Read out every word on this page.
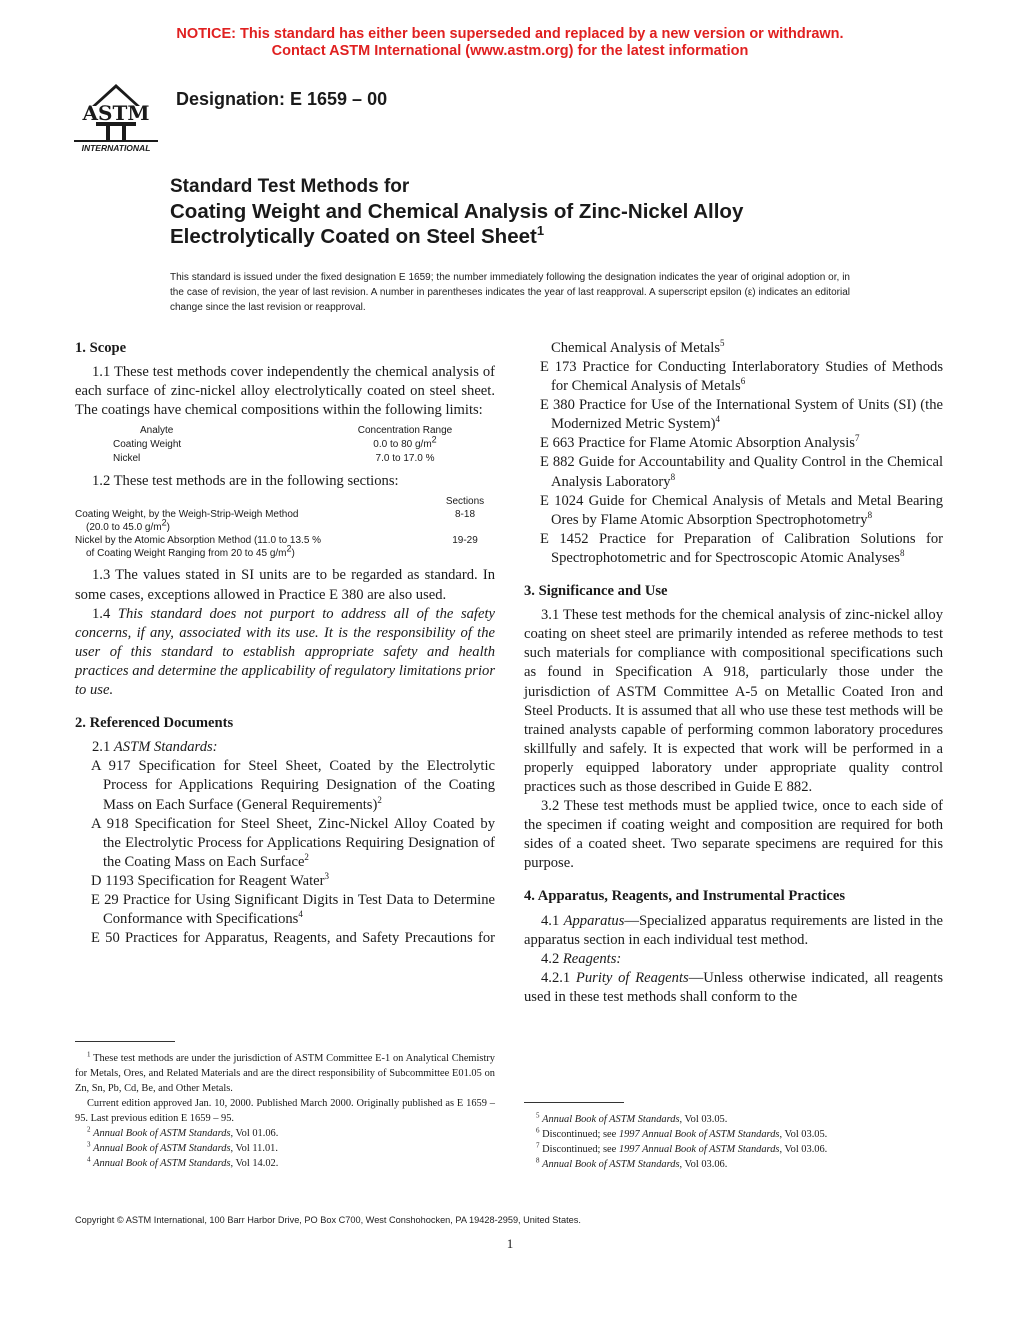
NOTICE: This standard has either been superseded and replaced by a new version or withdrawn.
Contact ASTM International (www.astm.org) for the latest information
ASTM
INTERNATIONAL
Designation: E 1659 – 00
Standard Test Methods for
Coating Weight and Chemical Analysis of Zinc-Nickel Alloy
Electrolytically Coated on Steel Sheet$^1$
This standard is issued under the fixed designation E 1659; the number immediately following the designation indicates the year of original adoption or, in the case of revision, the year of last revision. A number in parentheses indicates the year of last reapproval. A superscript epsilon (ε) indicates an editorial change since the last revision or reapproval.
1. Scope

1.1 These test methods cover independently the chemical analysis of each surface of zinc-nickel alloy electrolytically coated on steel sheet. The coatings have chemical compositions within the following limits:

Analyte	Concentration Range
Coating Weight	0.0 to 80 $g/m^2$
Nickel	7.0 to 17.0 %

1.2 These test methods are in the following sections:

Sections
Coating Weight, by the Weigh-Strip-Weigh Method	8-18
(20.0 to 45.0 $g/m^2$)
Nickel by the Atomic Absorption Method (11.0 to 13.5 %	19-29
of Coating Weight Ranging from 20 to 45 $g/m^2$)

1.3 The values stated in SI units are to be regarded as standard. In some cases, exceptions allowed in Practice E 380 are also used.

1.4 This standard does not purport to address all of the safety concerns, if any, associated with its use. It is the responsibility of the user of this standard to establish appropriate safety and health practices and determine the applicability of regulatory limitations prior to use.

2. Referenced Documents

2.1 ASTM Standards:

A 917 Specification for Steel Sheet, Coated by the Electrolytic Process for Applications Requiring Designation of the Coating Mass on Each Surface (General Requirements)$^2$

A 918 Specification for Steel Sheet, Zinc-Nickel Alloy Coated by the Electrolytic Process for Applications Requiring Designation of the Coating Mass on Each Surface$^2$

D 1193 Specification for Reagent Water$^3$

E 29 Practice for Using Significant Digits in Test Data to Determine Conformance with Specifications$^4$

E 50 Practices for Apparatus, Reagents, and Safety Precautions for

$^1$ These test methods are under the jurisdiction of ASTM Committee E-1 on Analytical Chemistry for Metals, Ores, and Related Materials and are the direct responsibility of Subcommittee E01.05 on Zn, Sn, Pb, Cd, Be, and Other Metals.

Current edition approved Jan. 10, 2000. Published March 2000. Originally published as E 1659 – 95. Last previous edition E 1659 – 95.

$^2$ Annual Book of ASTM Standards, Vol 01.06.

$^3$ Annual Book of ASTM Standards, Vol 11.01.

$^4$ Annual Book of ASTM Standards, Vol 14.02.

Chemical Analysis of Metals$^5$

E 173 Practice for Conducting Interlaboratory Studies of Methods for Chemical Analysis of Metals$^6$

E 380 Practice for Use of the International System of Units (SI) (the Modernized Metric System)$^4$

E 663 Practice for Flame Atomic Absorption Analysis$^7$

E 882 Guide for Accountability and Quality Control in the Chemical Analysis Laboratory$^8$

E 1024 Guide for Chemical Analysis of Metals and Metal Bearing Ores by Flame Atomic Absorption Spectrophotometry$^8$

E 1452 Practice for Preparation of Calibration Solutions for Spectrophotometric and for Spectroscopic Atomic Analyses$^8$

3. Significance and Use

3.1 These test methods for the chemical analysis of zinc-nickel alloy coating on sheet steel are primarily intended as referee methods to test such materials for compliance with compositional specifications such as found in Specification A 918, particularly those under the jurisdiction of ASTM Committee A-5 on Metallic Coated Iron and Steel Products. It is assumed that all who use these test methods will be trained analysts capable of performing common laboratory procedures skillfully and safely. It is expected that work will be performed in a properly equipped laboratory under appropriate quality control practices such as those described in Guide E 882.

3.2 These test methods must be applied twice, once to each side of the specimen if coating weight and composition are required for both sides of a coated sheet. Two separate specimens are required for this purpose.

4. Apparatus, Reagents, and Instrumental Practices

4.1 Apparatus—Specialized apparatus requirements are listed in the apparatus section in each individual test method.

4.2 Reagents:

4.2.1 Purity of Reagents—Unless otherwise indicated, all reagents used in these test methods shall conform to the

$^5$ Annual Book of ASTM Standards, Vol 03.05.

$^6$ Discontinued; see 1997 Annual Book of ASTM Standards, Vol 03.05.

$^7$ Discontinued; see 1997 Annual Book of ASTM Standards, Vol 03.06.

$^8$ Annual Book of ASTM Standards, Vol 03.06.

Copyright © ASTM International, 100 Barr Harbor Drive, PO Box C700, West Conshohocken, PA 19428-2959, United States.
1
